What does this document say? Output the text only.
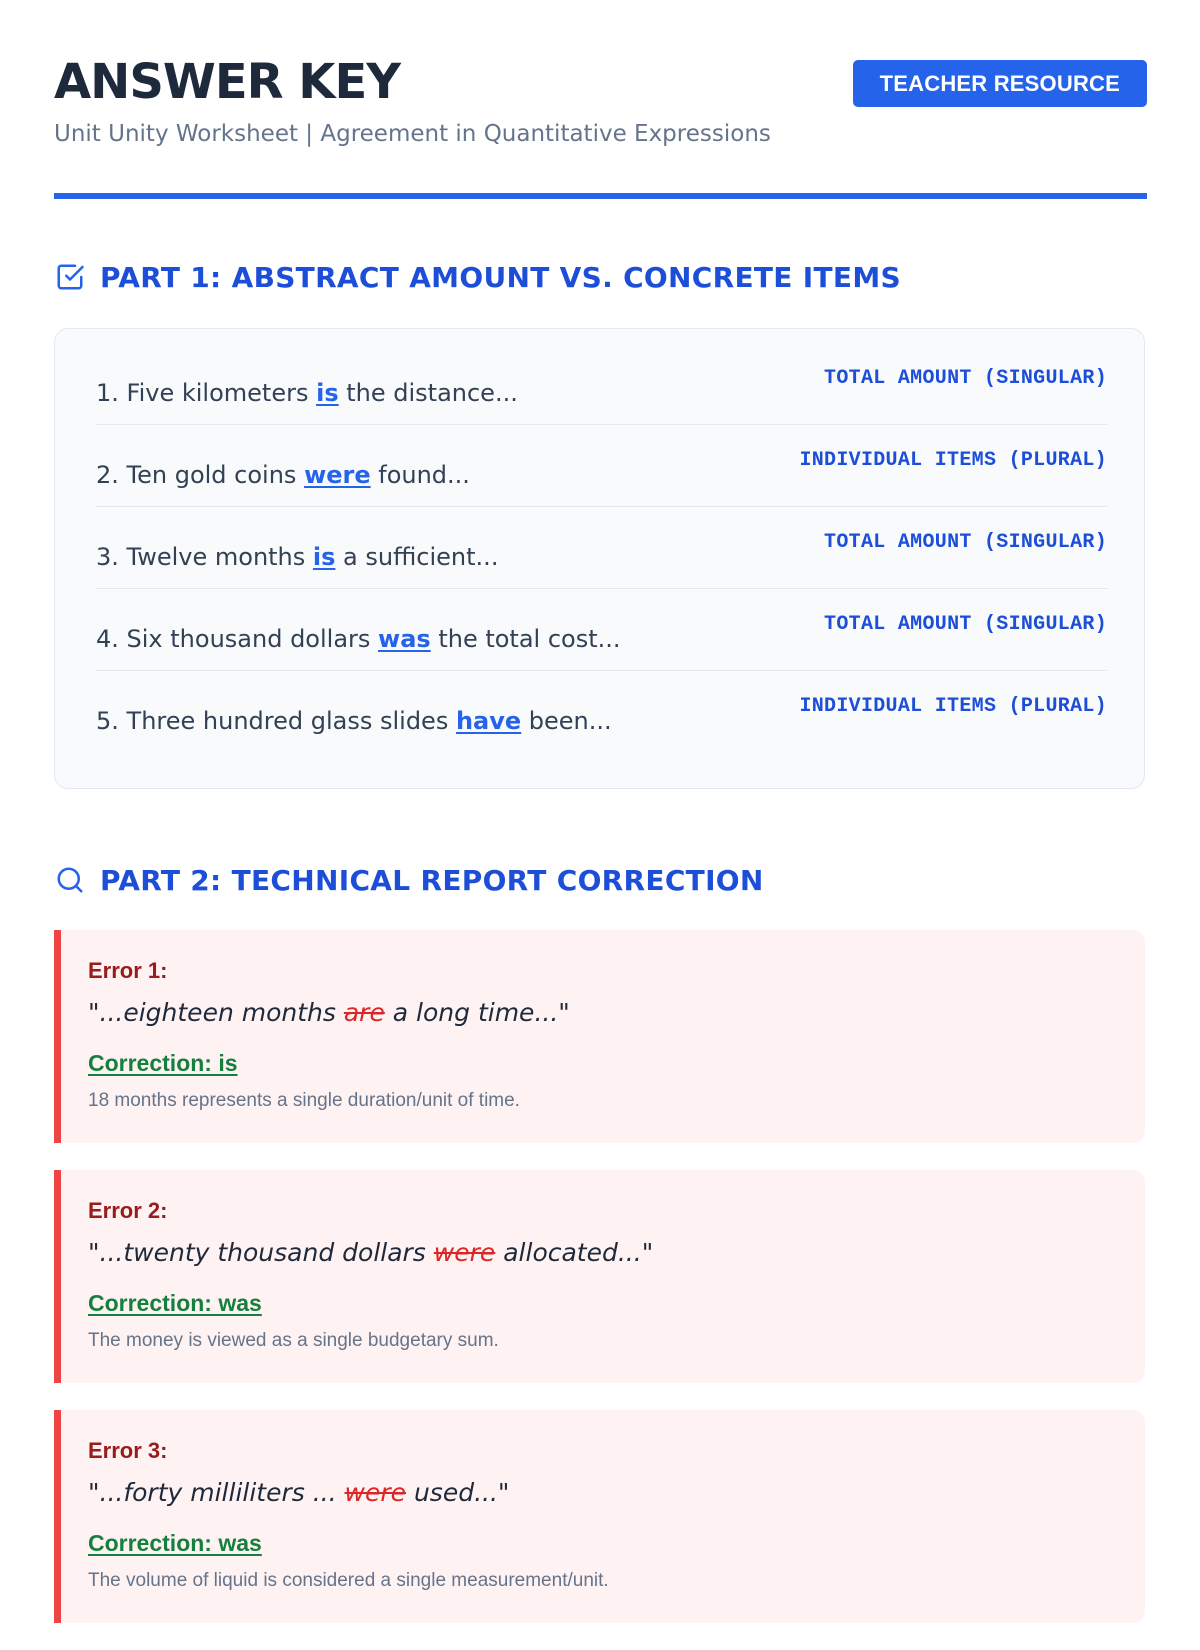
ANSWER KEY
Unit Unity Worksheet | Agreement in Quantitative Expressions
TEACHER RESOURCE
PART 1: ABSTRACT AMOUNT VS. CONCRETE ITEMS
1. Five kilometers is the distance...
TOTAL AMOUNT (SINGULAR)
2. Ten gold coins were found...
INDIVIDUAL ITEMS (PLURAL)
3. Twelve months is a sufficient...
TOTAL AMOUNT (SINGULAR)
4. Six thousand dollars was the total cost...
TOTAL AMOUNT (SINGULAR)
5. Three hundred glass slides have been...
INDIVIDUAL ITEMS (PLURAL)
PART 2: TECHNICAL REPORT CORRECTION
Error 1:
"...eighteen months are a long time..."
Correction: is
18 months represents a single duration/unit of time.
Error 2:
"...twenty thousand dollars were allocated..."
Correction: was
The money is viewed as a single budgetary sum.
Error 3:
"...forty milliliters ... were used..."
Correction: was
The volume of liquid is considered a single measurement/unit.
